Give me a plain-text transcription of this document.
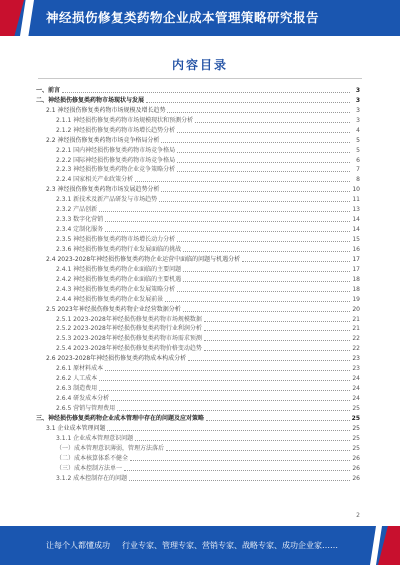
神经损伤修复类药物企业成本管理策略研究报告
内容目录
一、前言	3
二、神经损伤修复类药物市场现状与发展	3
2.1 神经损伤修复类药物市场规模及增长趋势	3
2.1.1 神经损伤修复类药物市场规模现状和预测分析	3
2.1.2 神经损伤修复类药物市场增长趋势分析	4
2.2 神经损伤修复类药物市场竞争格局分析	5
2.2.1 国内神经损伤修复类药物市场竞争格局	5
2.2.2 国际神经损伤修复类药物市场竞争格局	6
2.2.3 神经损伤修复类药物企业竞争策略分析	7
2.2.4 国家相关产业政策分析	8
2.3 神经损伤修复类药物市场发展趋势分析	10
2.3.1 新技术及新产品研发与市场趋势	11
2.3.2 产品创新	13
2.3.3 数字化营销	14
2.3.4 定制化服务	14
2.3.5 神经损伤修复类药物市场增长动力分析	15
2.3.6 神经损伤修复类药物行业发展面临的挑战	16
2.4 2023-2028年神经损伤修复类药物企业运营中面临的问题与机遇分析	17
2.4.1 神经损伤修复类药物企业面临的主要问题	17
2.4.2 神经损伤修复类药物企业面临的主要机遇	18
2.4.3 神经损伤修复类药物企业发展策略分析	18
2.4.4 神经损伤修复类药物企业发展前景	19
2.5 2023年神经损伤修复类药物企业经营数据分析	20
2.5.1 2023-2028年神经损伤修复类药物市场规模数据	21
2.5.2 2023-2028年神经损伤修复类药物行业利润分析	21
2.5.3 2023-2028年神经损伤修复类药物市场需求预测	22
2.5.4 2023-2028年神经损伤修复类药物价格变动趋势	22
2.6 2023-2028年神经损伤修复类药物成本构成分析	23
2.6.1 原材料成本	23
2.6.2 人工成本	24
2.6.3 制造费用	24
2.6.4 研发成本分析	24
2.6.5 营销与管理费用	25
三、神经损伤修复类药物企业成本管理中存在的问题及应对策略	25
3.1 企业成本管理问题	25
3.1.1 企业成本管理意识问题	25
（一）成本管理意识薄弱，管理方法落后	25
（二）成本核算体系不健全	26
（三）成本控制方法单一	26
3.1.2 成本控制存在的问题	26
2
让每个人都懂成功 行业专家、管理专家、营销专家、战略专家、成功企业家……
